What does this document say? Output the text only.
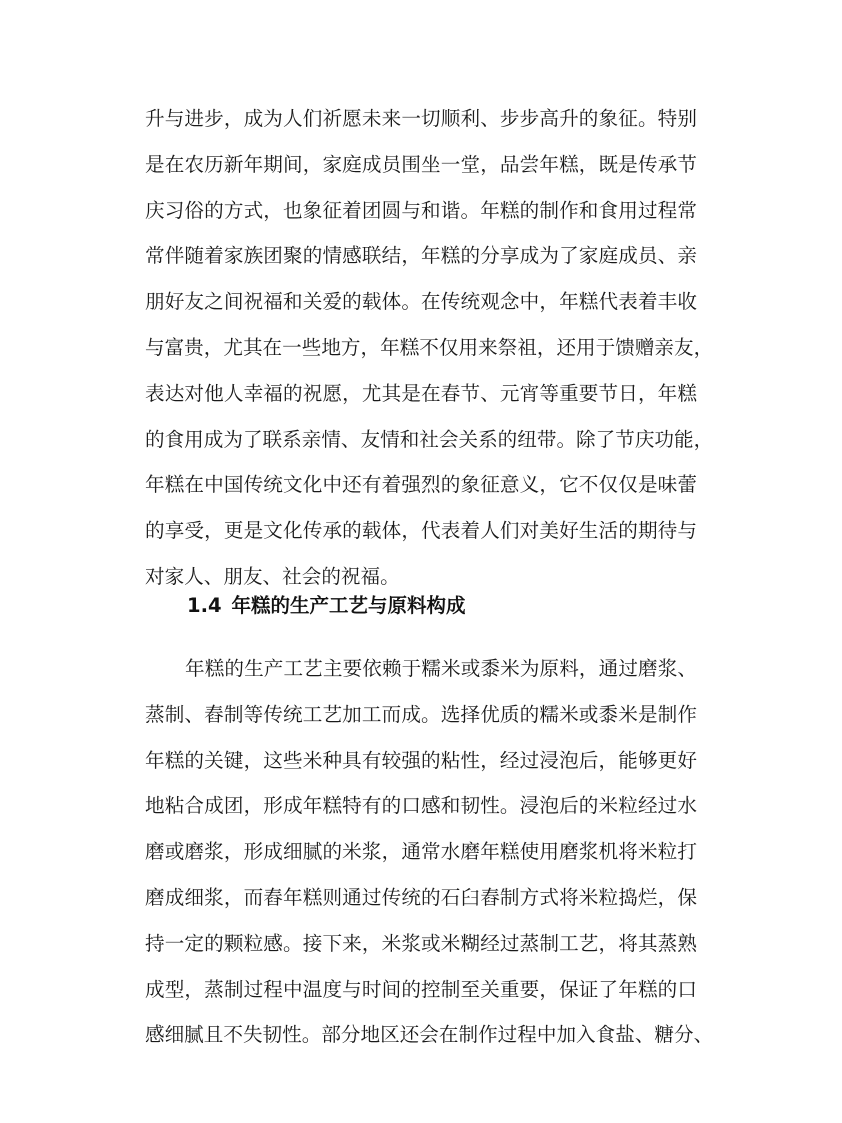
升与进步，成为人们祈愿未来一切顺利、步步高升的象征。特别
是在农历新年期间，家庭成员围坐一堂，品尝年糕，既是传承节
庆习俗的方式，也象征着团圆与和谐。年糕的制作和食用过程常
常伴随着家族团聚的情感联结，年糕的分享成为了家庭成员、亲
朋好友之间祝福和关爱的载体。在传统观念中，年糕代表着丰收
与富贵，尤其在一些地方，年糕不仅用来祭祖，还用于馈赠亲友，
表达对他人幸福的祝愿，尤其是在春节、元宵等重要节日，年糕
的食用成为了联系亲情、友情和社会关系的纽带。除了节庆功能，
年糕在中国传统文化中还有着强烈的象征意义，它不仅仅是味蕾
的享受，更是文化传承的载体，代表着人们对美好生活的期待与
对家人、朋友、社会的祝福。
1.4 年糕的生产工艺与原料构成
年糕的生产工艺主要依赖于糯米或黍米为原料，通过磨浆、
蒸制、舂制等传统工艺加工而成。选择优质的糯米或黍米是制作
年糕的关键，这些米种具有较强的粘性，经过浸泡后，能够更好
地粘合成团，形成年糕特有的口感和韧性。浸泡后的米粒经过水
磨或磨浆，形成细腻的米浆，通常水磨年糕使用磨浆机将米粒打
磨成细浆，而舂年糕则通过传统的石臼舂制方式将米粒捣烂，保
持一定的颗粒感。接下来，米浆或米糊经过蒸制工艺，将其蒸熟
成型，蒸制过程中温度与时间的控制至关重要，保证了年糕的口
感细腻且不失韧性。部分地区还会在制作过程中加入食盐、糖分、
